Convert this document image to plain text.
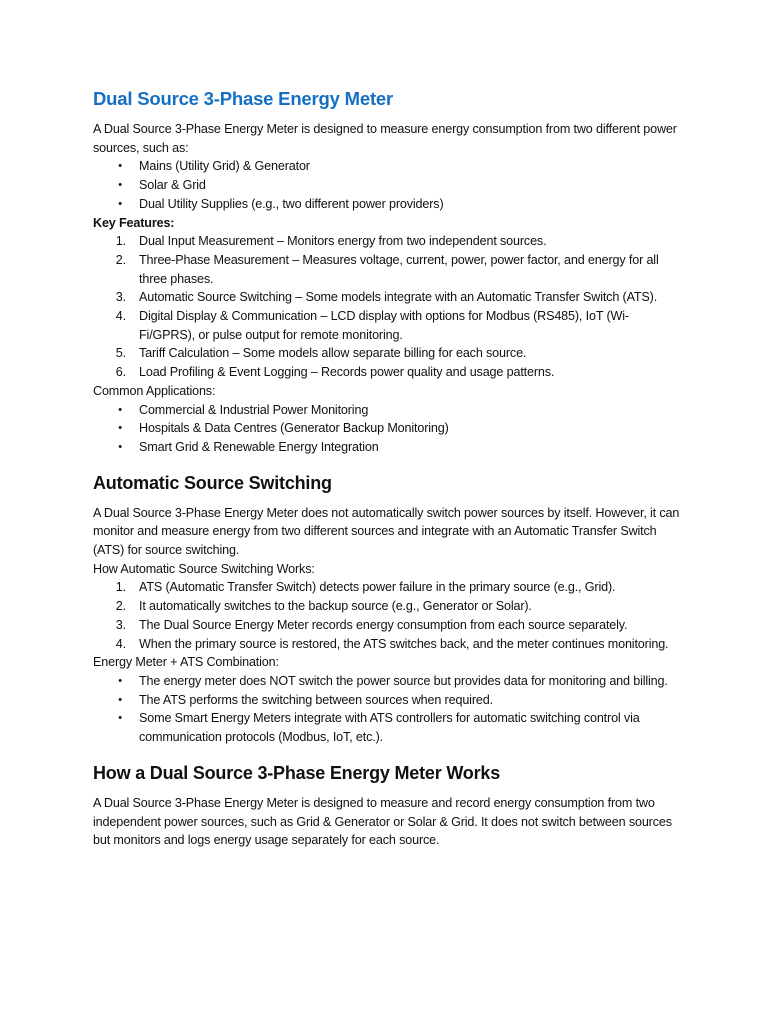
Dual Source 3-Phase Energy Meter

A Dual Source 3-Phase Energy Meter is designed to measure energy consumption from two different power sources, such as:

• Mains (Utility Grid) & Generator
• Solar & Grid
• Dual Utility Supplies (e.g., two different power providers)

Key Features:

1. Dual Input Measurement – Monitors energy from two independent sources.
2. Three-Phase Measurement – Measures voltage, current, power, power factor, and energy for all three phases.
3. Automatic Source Switching – Some models integrate with an Automatic Transfer Switch (ATS).
4. Digital Display & Communication – LCD display with options for Modbus (RS485), IoT (Wi-Fi/GPRS), or pulse output for remote monitoring.
5. Tariff Calculation – Some models allow separate billing for each source.
6. Load Profiling & Event Logging – Records power quality and usage patterns.

Common Applications:

• Commercial & Industrial Power Monitoring
• Hospitals & Data Centres (Generator Backup Monitoring)
• Smart Grid & Renewable Energy Integration
Automatic Source Switching

A Dual Source 3-Phase Energy Meter does not automatically switch power sources by itself. However, it can monitor and measure energy from two different sources and integrate with an Automatic Transfer Switch (ATS) for source switching.

How Automatic Source Switching Works:

1. ATS (Automatic Transfer Switch) detects power failure in the primary source (e.g., Grid).
2. It automatically switches to the backup source (e.g., Generator or Solar).
3. The Dual Source Energy Meter records energy consumption from each source separately.
4. When the primary source is restored, the ATS switches back, and the meter continues monitoring.

Energy Meter + ATS Combination:

• The energy meter does NOT switch the power source but provides data for monitoring and billing.
• The ATS performs the switching between sources when required.
• Some Smart Energy Meters integrate with ATS controllers for automatic switching control via communication protocols (Modbus, IoT, etc.).
How a Dual Source 3-Phase Energy Meter Works

A Dual Source 3-Phase Energy Meter is designed to measure and record energy consumption from two independent power sources, such as Grid & Generator or Solar & Grid. It does not switch between sources but monitors and logs energy usage separately for each source.
